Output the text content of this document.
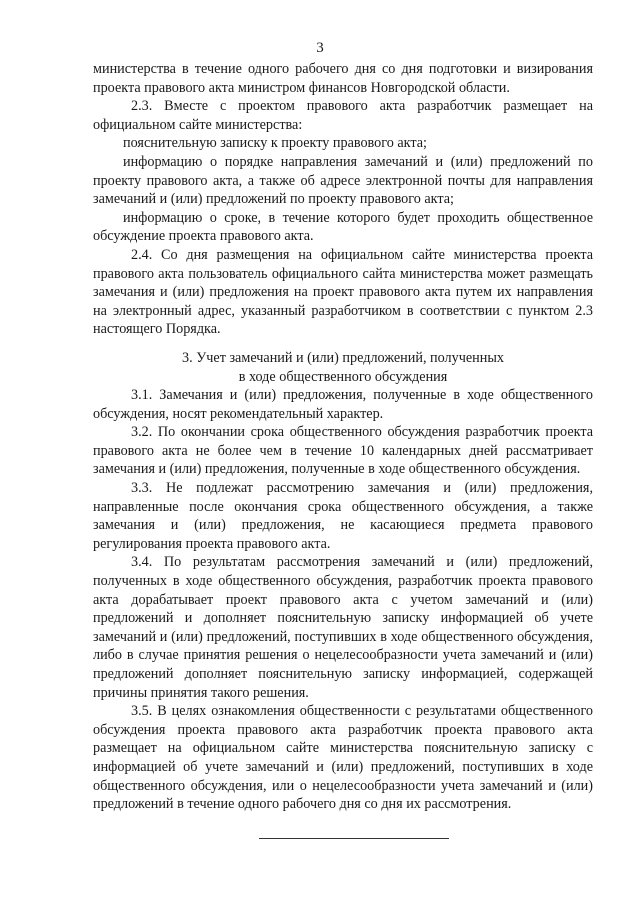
3

министерства в течение одного рабочего дня со дня подготовки и визирования проекта правового акта министром финансов Новгородской области.

2.3. Вместе с проектом правового акта разработчик размещает на официальном сайте министерства:

пояснительную записку к проекту правового акта;

информацию о порядке направления замечаний и (или) предложений по проекту правового акта, а также об адресе электронной почты для направления замечаний и (или) предложений по проекту правового акта;

информацию о сроке, в течение которого будет проходить общественное обсуждение проекта правового акта.

2.4. Со дня размещения на официальном сайте министерства проекта правового акта пользователь официального сайта министерства может размещать замечания и (или) предложения на проект правового акта путем их направления на электронный адрес, указанный разработчиком в соответствии с пунктом 2.3 настоящего Порядка.

3. Учет замечаний и (или) предложений, полученных
в ходе общественного обсуждения

3.1. Замечания и (или) предложения, полученные в ходе общественного обсуждения, носят рекомендательный характер.

3.2. По окончании срока общественного обсуждения разработчик проекта правового акта не более чем в течение 10 календарных дней рассматривает замечания и (или) предложения, полученные в ходе общественного обсуждения.

3.3. Не подлежат рассмотрению замечания и (или) предложения, направленные после окончания срока общественного обсуждения, а также замечания и (или) предложения, не касающиеся предмета правового регулирования проекта правового акта.

3.4. По результатам рассмотрения замечаний и (или) предложений, полученных в ходе общественного обсуждения, разработчик проекта правового акта дорабатывает проект правового акта с учетом замечаний и (или) предложений и дополняет пояснительную записку информацией об учете замечаний и (или) предложений, поступивших в ходе общественного обсуждения, либо в случае принятия решения о нецелесообразности учета замечаний и (или) предложений дополняет пояснительную записку информацией, содержащей причины принятия такого решения.

3.5. В целях ознакомления общественности с результатами общественного обсуждения проекта правового акта разработчик проекта правового акта размещает на официальном сайте министерства пояснительную записку с информацией об учете замечаний и (или) предложений, поступивших в ходе общественного обсуждения, или о нецелесообразности учета замечаний и (или) предложений в течение одного рабочего дня со дня их рассмотрения.
